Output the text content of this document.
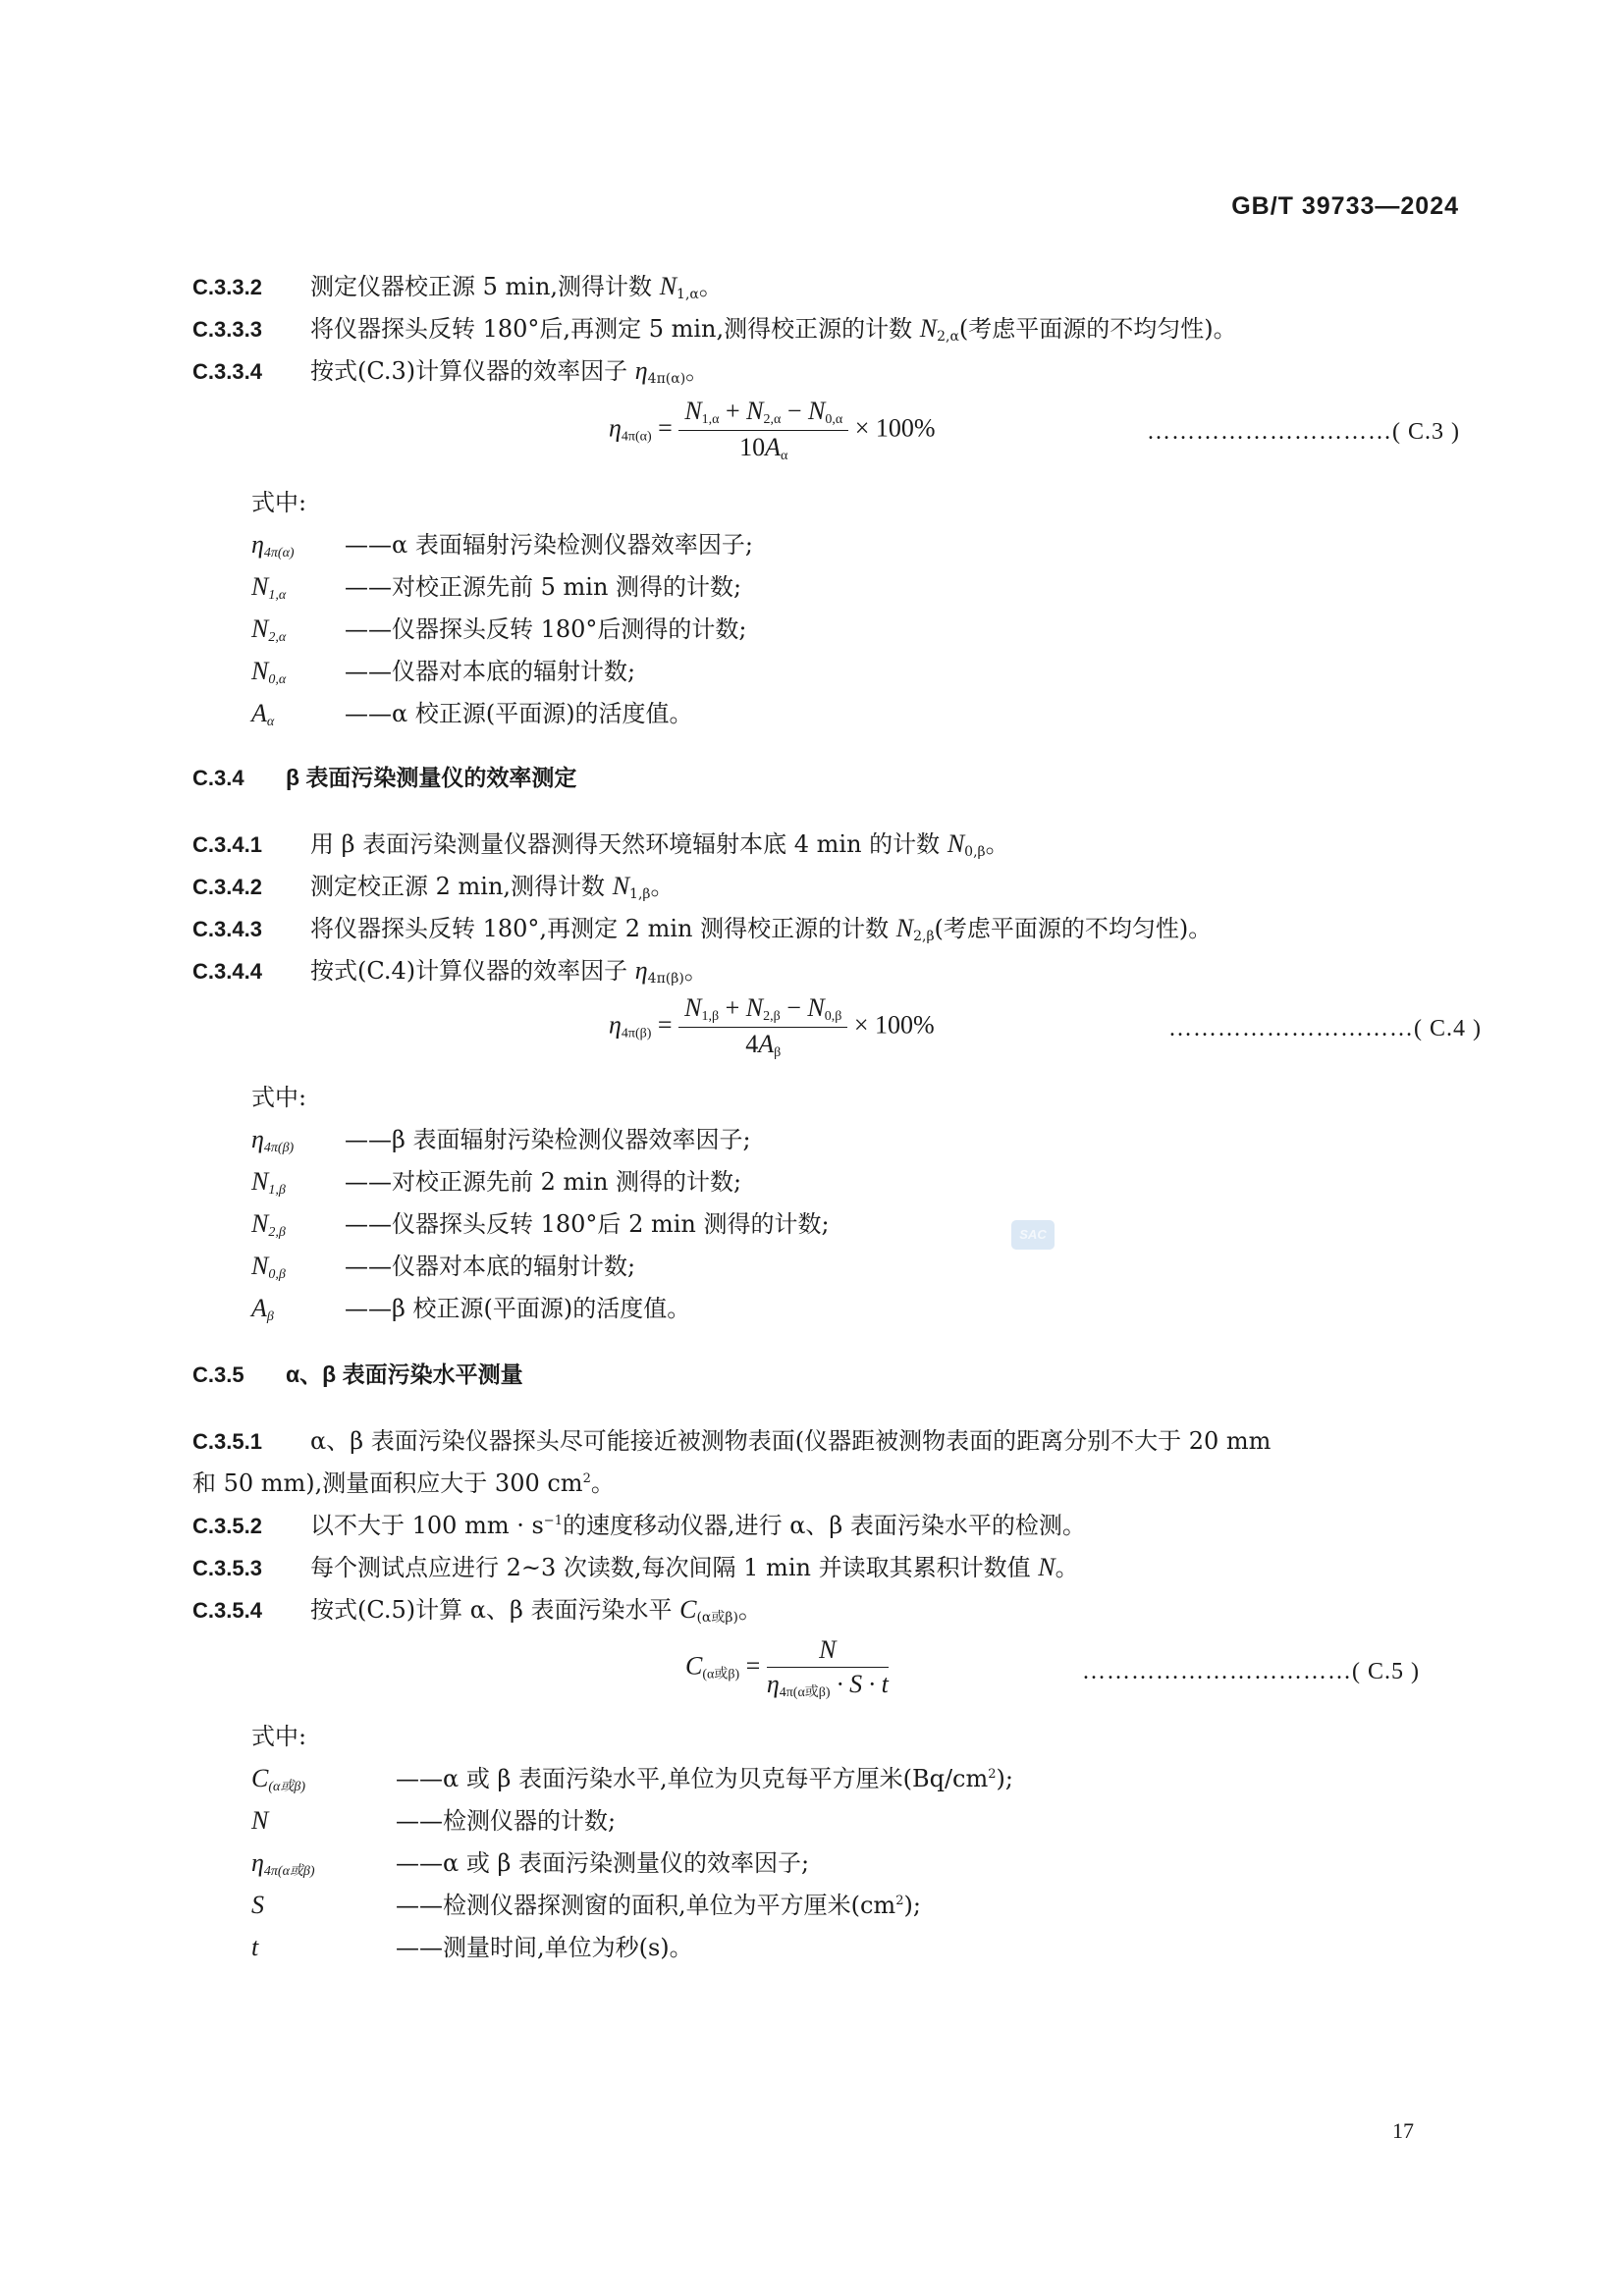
GB/T 39733—2024
C.3.3.2 测定仪器校正源 5 min,测得计数 $N_{1,\alpha}$。
C.3.3.3 将仪器探头反转 180°后,再测定 5 min,测得校正源的计数 $N_{2,\alpha}$(考虑平面源的不均匀性)。
C.3.3.4 按式(C.3)计算仪器的效率因子 $\eta_{4\pi(\alpha)}$。
$\eta_{4\pi(\alpha)} = \frac{N_{1,\alpha} + N_{2,\alpha} - N_{0,\alpha}}{10A_\alpha} \times 100\%$	…………………………( C.3 )
式中:
$\eta_{4\pi(\alpha)}$ ——α 表面辐射污染检测仪器效率因子;
$N_{1,\alpha}$ ——对校正源先前 5 min 测得的计数;
$N_{2,\alpha}$ ——仪器探头反转 180°后测得的计数;
$N_{0,\alpha}$ ——仪器对本底的辐射计数;
$A_\alpha$	——α 校正源(平面源)的活度值。
C.3.4 β 表面污染测量仪的效率测定
C.3.4.1 用 β 表面污染测量仪器测得天然环境辐射本底 4 min 的计数 $N_{0,\beta}$。
C.3.4.2 测定校正源 2 min,测得计数 $N_{1,\beta}$。
C.3.4.3 将仪器探头反转 180°,再测定 2 min 测得校正源的计数 $N_{2,\beta}$(考虑平面源的不均匀性)。
C.3.4.4 按式(C.4)计算仪器的效率因子 $\eta_{4\pi(\beta)}$。
$\eta_{4\pi(\beta)} = \frac{N_{1,\beta} + N_{2,\beta} - N_{0,\beta}}{4A_\beta} \times 100\%$	…………………………( C.4 )
式中:
$\eta_{4\pi(\beta)}$ ——β 表面辐射污染检测仪器效率因子;
$N_{1,\beta}$	——对校正源先前 2 min 测得的计数;
$N_{2,\beta}$	——仪器探头反转 180°后 2 min 测得的计数;
$N_{0,\beta}$	——仪器对本底的辐射计数;
$A_\beta$	——β 校正源(平面源)的活度值。
SAC
C.3.5 α、β 表面污染水平测量
C.3.5.1 α、β 表面污染仪器探头尽可能接近被测物表面(仪器距被测物表面的距离分别不大于 20 mm
和 50 mm),测量面积应大于 300 $cm^2$。
C.3.5.2 以不大于 100 mm · $s^{-1}$的速度移动仪器,进行 α、β 表面污染水平的检测。
C.3.5.3 每个测试点应进行 2~3 次读数,每次间隔 1 min 并读取其累积计数值 N。
C.3.5.4 按式(C.5)计算 α、β 表面污染水平 $C_{(\alpha 或\beta)}$。
$C_{(\alpha 或\beta)} = \frac{N}{\eta_{4\pi(\alpha 或\beta)} \cdot S \cdot t}$	……………………………( C.5 )
式中:
$C_{(\alpha 或\beta)}$	——α 或 β 表面污染水平,单位为贝克每平方厘米$(Bq/cm^2)$;
N	——检测仪器的计数;
$\eta_{4\pi(\alpha 或\beta)}$	——α 或 β 表面污染测量仪的效率因子;
S	——检测仪器探测窗的面积,单位为平方厘米$(cm^2)$;
t	——测量时间,单位为秒(s)。
17
